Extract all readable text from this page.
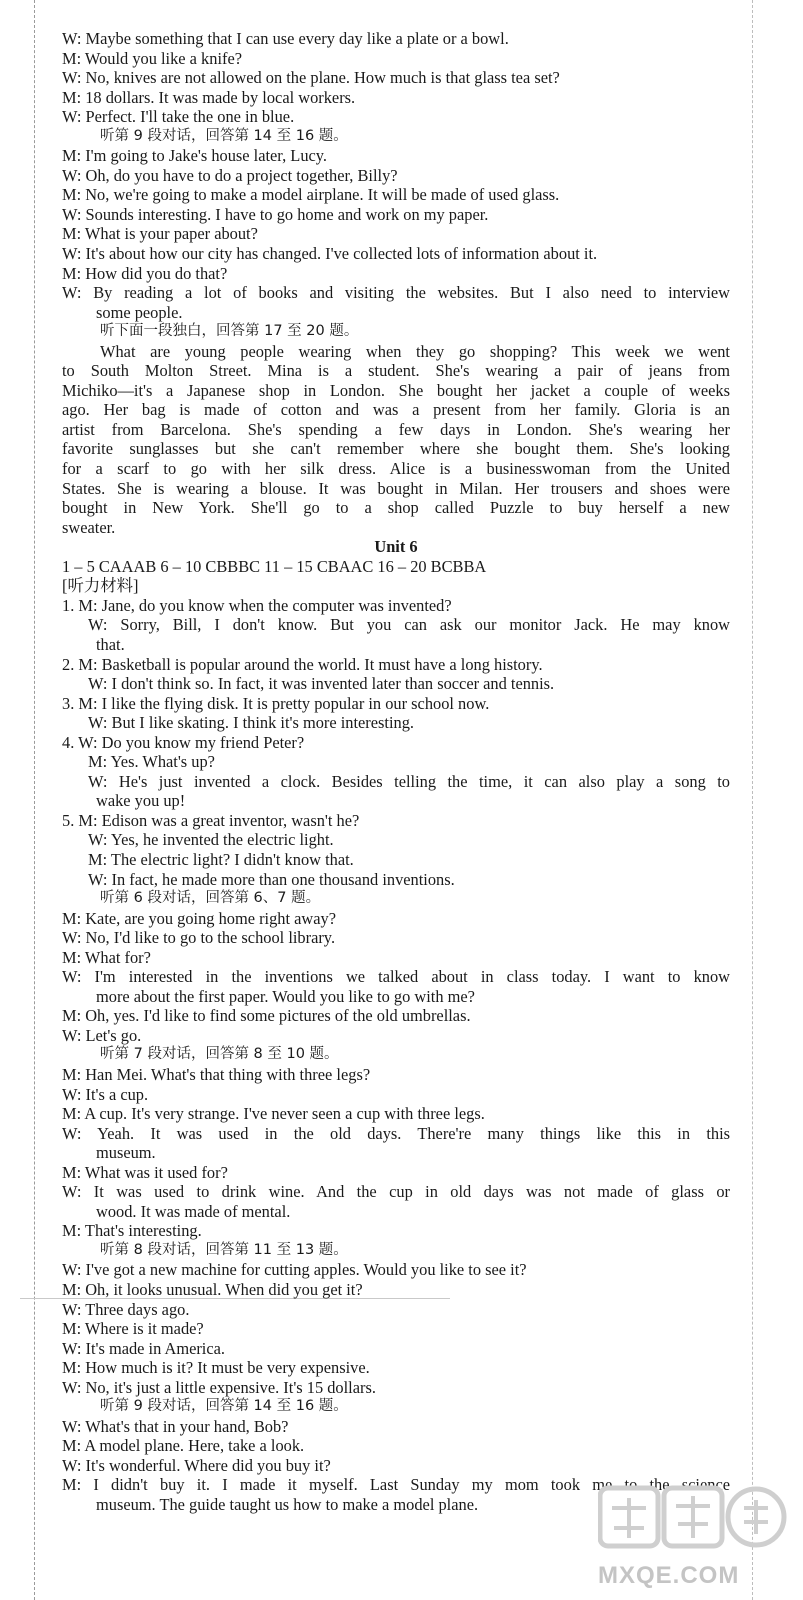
W: Maybe something that I can use every day like a plate or a bowl.
M: Would you like a knife?
W: No, knives are not allowed on the plane. How much is that glass tea set?
M: 18 dollars. It was made by local workers.
W: Perfect. I'll take the one in blue.
听第 9 段对话，回答第 14 至 16 题。
M: I'm going to Jake's house later, Lucy.
W: Oh, do you have to do a project together, Billy?
M: No, we're going to make a model airplane. It will be made of used glass.
W: Sounds interesting. I have to go home and work on my paper.
M: What is your paper about?
W: It's about how our city has changed. I've collected lots of information about it.
M: How did you do that?
W: By reading a lot of books and visiting the websites. But I also need to interview
some people.
听下面一段独白，回答第 17 至 20 题。
What are young people wearing when they go shopping? This week we went
to South Molton Street. Mina is a student. She's wearing a pair of jeans from
Michiko—it's a Japanese shop in London. She bought her jacket a couple of weeks
ago. Her bag is made of cotton and was a present from her family. Gloria is an
artist from Barcelona. She's spending a few days in London. She's wearing her
favorite sunglasses but she can't remember where she bought them. She's looking
for a scarf to go with her silk dress. Alice is a businesswoman from the United
States. She is wearing a blouse. It was bought in Milan. Her trousers and shoes were
bought in New York. She'll go to a shop called Puzzle to buy herself a new
sweater.
Unit 6
1 – 5 CAAAB 6 – 10 CBBBC 11 – 15 CBAAC 16 – 20 BCBBA
[听力材料]
1. M: Jane, do you know when the computer was invented?
W: Sorry, Bill, I don't know. But you can ask our monitor Jack. He may know
that.
2. M: Basketball is popular around the world. It must have a long history.
W: I don't think so. In fact, it was invented later than soccer and tennis.
3. M: I like the flying disk. It is pretty popular in our school now.
W: But I like skating. I think it's more interesting.
4. W: Do you know my friend Peter?
M: Yes. What's up?
W: He's just invented a clock. Besides telling the time, it can also play a song to
wake you up!
5. M: Edison was a great inventor, wasn't he?
W: Yes, he invented the electric light.
M: The electric light? I didn't know that.
W: In fact, he made more than one thousand inventions.
听第 6 段对话，回答第 6、7 题。
M: Kate, are you going home right away?
W: No, I'd like to go to the school library.
M: What for?
W: I'm interested in the inventions we talked about in class today. I want to know
more about the first paper. Would you like to go with me?
M: Oh, yes. I'd like to find some pictures of the old umbrellas.
W: Let's go.
听第 7 段对话，回答第 8 至 10 题。
M: Han Mei. What's that thing with three legs?
W: It's a cup.
M: A cup. It's very strange. I've never seen a cup with three legs.
W: Yeah. It was used in the old days. There're many things like this in this
museum.
M: What was it used for?
W: It was used to drink wine. And the cup in old days was not made of glass or
wood. It was made of mental.
M: That's interesting.
听第 8 段对话，回答第 11 至 13 题。
W: I've got a new machine for cutting apples. Would you like to see it?
M: Oh, it looks unusual. When did you get it?
W: Three days ago.
M: Where is it made?
W: It's made in America.
M: How much is it? It must be very expensive.
W: No, it's just a little expensive. It's 15 dollars.
听第 9 段对话，回答第 14 至 16 题。
W: What's that in your hand, Bob?
M: A model plane. Here, take a look.
W: It's wonderful. Where did you buy it?
M: I didn't buy it. I made it myself. Last Sunday my mom took me to the science
museum. The guide taught us how to make a model plane.
MXQE.COM
